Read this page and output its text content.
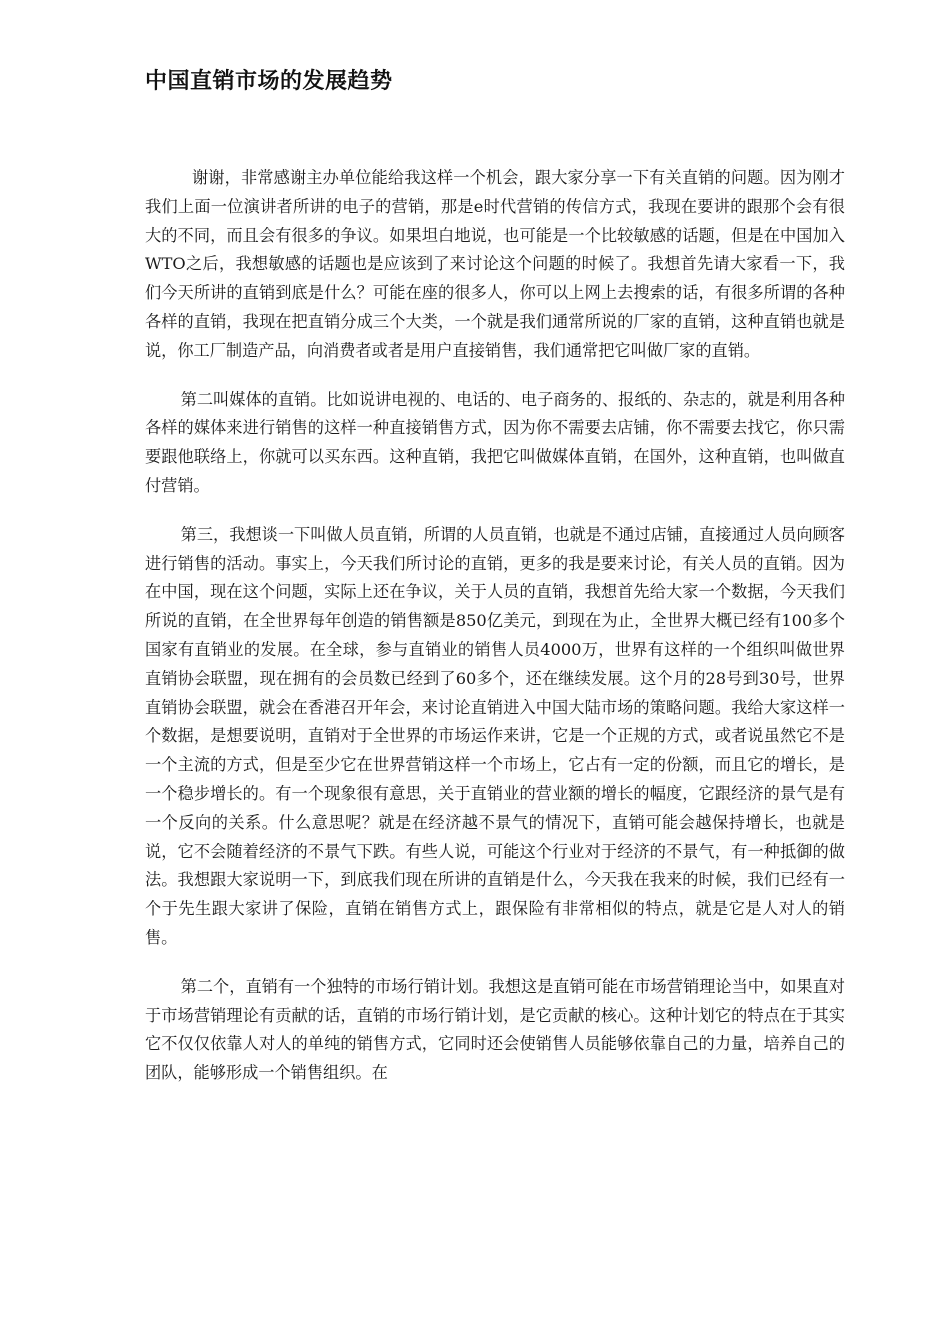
中国直销市场的发展趋势

谢谢，非常感谢主办单位能给我这样一个机会，跟大家分享一下有关直销的问题。因为刚才我们上面一位演讲者所讲的电子的营销，那是e时代营销的传信方式，我现在要讲的跟那个会有很大的不同，而且会有很多的争议。如果坦白地说，也可能是一个比较敏感的话题，但是在中国加入WTO之后，我想敏感的话题也是应该到了来讨论这个问题的时候了。我想首先请大家看一下，我们今天所讲的直销到底是什么？可能在座的很多人，你可以上网上去搜索的话，有很多所谓的各种各样的直销，我现在把直销分成三个大类，一个就是我们通常所说的厂家的直销，这种直销也就是说，你工厂制造产品，向消费者或者是用户直接销售，我们通常把它叫做厂家的直销。

第二叫媒体的直销。比如说讲电视的、电话的、电子商务的、报纸的、杂志的，就是利用各种各样的媒体来进行销售的这样一种直接销售方式，因为你不需要去店铺，你不需要去找它，你只需要跟他联络上，你就可以买东西。这种直销，我把它叫做媒体直销，在国外，这种直销，也叫做直付营销。

第三，我想谈一下叫做人员直销，所谓的人员直销，也就是不通过店铺，直接通过人员向顾客进行销售的活动。事实上，今天我们所讨论的直销，更多的我是要来讨论，有关人员的直销。因为在中国，现在这个问题，实际上还在争议，关于人员的直销，我想首先给大家一个数据，今天我们所说的直销，在全世界每年创造的销售额是850亿美元，到现在为止，全世界大概已经有100多个国家有直销业的发展。在全球，参与直销业的销售人员4000万，世界有这样的一个组织叫做世界直销协会联盟，现在拥有的会员数已经到了60多个，还在继续发展。这个月的28号到30号，世界直销协会联盟，就会在香港召开年会，来讨论直销进入中国大陆市场的策略问题。我给大家这样一个数据，是想要说明，直销对于全世界的市场运作来讲，它是一个正规的方式，或者说虽然它不是一个主流的方式，但是至少它在世界营销这样一个市场上，它占有一定的份额，而且它的增长，是一个稳步增长的。有一个现象很有意思，关于直销业的营业额的增长的幅度，它跟经济的景气是有一个反向的关系。什么意思呢？就是在经济越不景气的情况下，直销可能会越保持增长，也就是说，它不会随着经济的不景气下跌。有些人说，可能这个行业对于经济的不景气，有一种抵御的做法。我想跟大家说明一下，到底我们现在所讲的直销是什么，今天我在我来的时候，我们已经有一个于先生跟大家讲了保险，直销在销售方式上，跟保险有非常相似的特点，就是它是人对人的销售。

第二个，直销有一个独特的市场行销计划。我想这是直销可能在市场营销理论当中，如果直对于市场营销理论有贡献的话，直销的市场行销计划，是它贡献的核心。这种计划它的特点在于其实它不仅仅依靠人对人的单纯的销售方式，它同时还会使销售人员能够依靠自己的力量，培养自己的团队，能够形成一个销售组织。在
